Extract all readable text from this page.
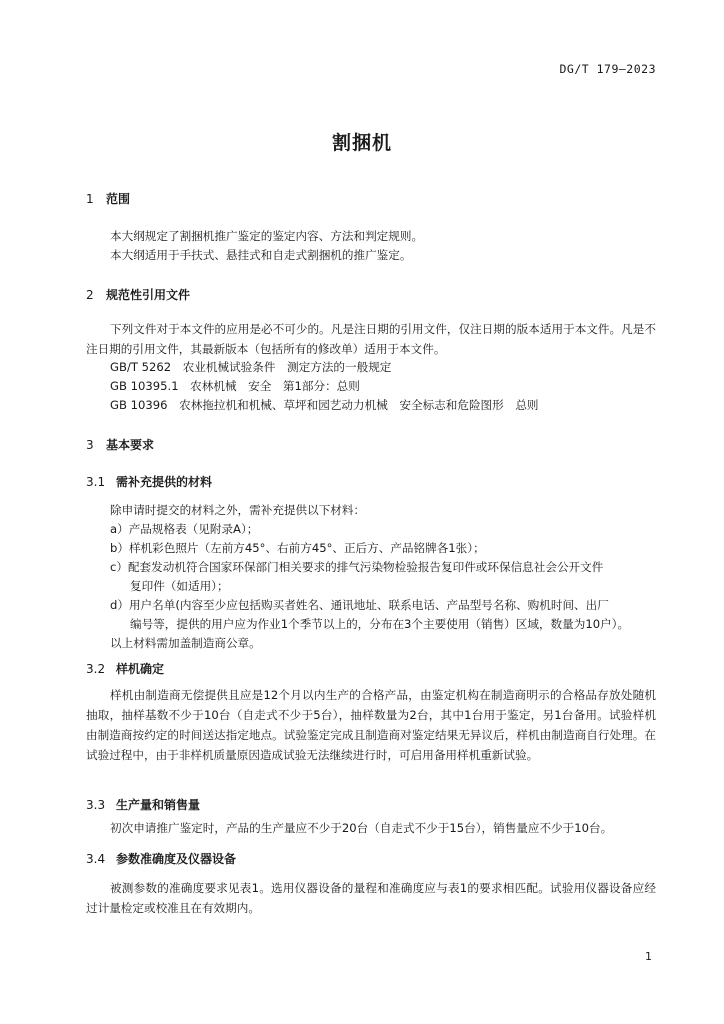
DG/T 179—2023
割捆机
1 范围
本大纲规定了割捆机推广鉴定的鉴定内容、方法和判定规则。
本大纲适用于手扶式、悬挂式和自走式割捆机的推广鉴定。
2 规范性引用文件
下列文件对于本文件的应用是必不可少的。凡是注日期的引用文件，仅注日期的版本适用于本文件。凡是不注日期的引用文件，其最新版本（包括所有的修改单）适用于本文件。
GB/T 5262　农业机械试验条件　测定方法的一般规定
GB 10395.1　农林机械　安全　第1部分：总则
GB 10396　农林拖拉机和机械、草坪和园艺动力机械　安全标志和危险图形　总则
3 基本要求
3.1 需补充提供的材料
除申请时提交的材料之外，需补充提供以下材料：
a）产品规格表（见附录A）；
b）样机彩色照片（左前方45°、右前方45°、正后方、产品铭牌各1张）；
c）配套发动机符合国家环保部门相关要求的排气污染物检验报告复印件或环保信息社会公开文件
复印件（如适用）；
d）用户名单(内容至少应包括购买者姓名、通讯地址、联系电话、产品型号名称、购机时间、出厂
编号等，提供的用户应为作业1个季节以上的，分布在3个主要使用（销售）区域，数量为10户）。
以上材料需加盖制造商公章。
3.2 样机确定
样机由制造商无偿提供且应是12个月以内生产的合格产品，由鉴定机构在制造商明示的合格品存放处随机抽取，抽样基数不少于10台（自走式不少于5台），抽样数量为2台，其中1台用于鉴定，另1台备用。试验样机由制造商按约定的时间送达指定地点。试验鉴定完成且制造商对鉴定结果无异议后，样机由制造商自行处理。在试验过程中，由于非样机质量原因造成试验无法继续进行时，可启用备用样机重新试验。
3.3 生产量和销售量
初次申请推广鉴定时，产品的生产量应不少于20台（自走式不少于15台），销售量应不少于10台。
3.4 参数准确度及仪器设备
被测参数的准确度要求见表1。选用仪器设备的量程和准确度应与表1的要求相匹配。试验用仪器设备应经过计量检定或校准且在有效期内。
1
